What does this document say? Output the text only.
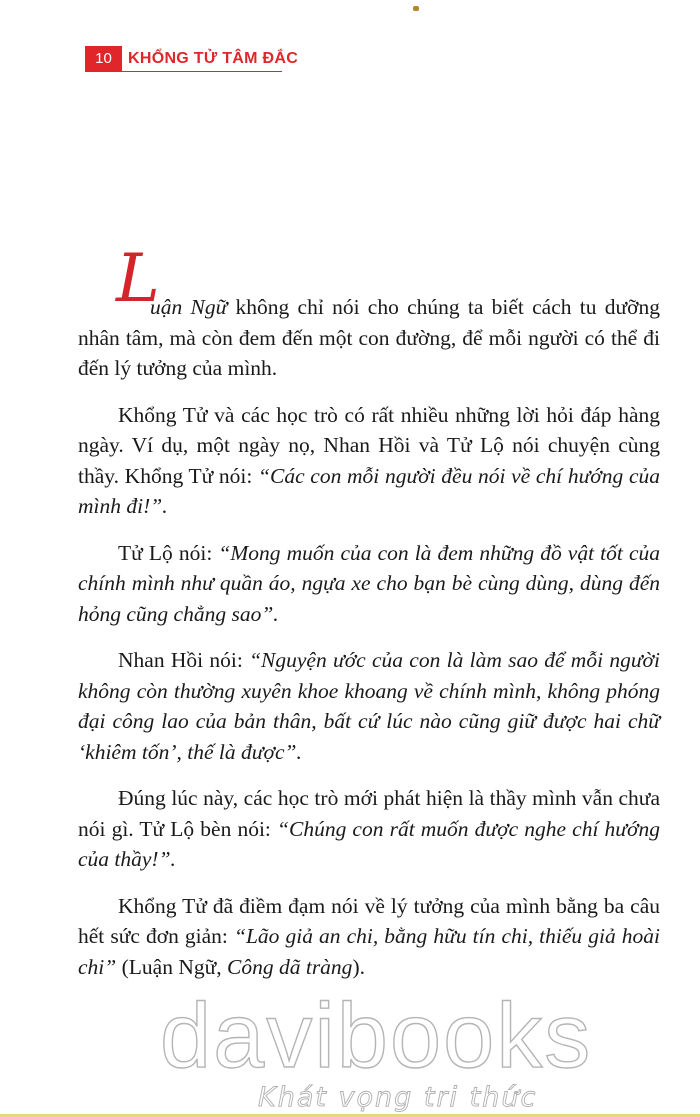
10	KHỔNG TỬ TÂM ĐẮC

L
uận Ngữ không chỉ nói cho chúng ta biết cách tu dưỡng nhân tâm, mà còn đem đến một con đường, để mỗi người có thể đi đến lý tưởng của mình.

Khổng Tử và các học trò có rất nhiều những lời hỏi đáp hàng ngày. Ví dụ, một ngày nọ, Nhan Hồi và Tử Lộ nói chuyện cùng thầy. Khổng Tử nói: “Các con mỗi người đều nói về chí hướng của mình đi!”.

Tử Lộ nói: “Mong muốn của con là đem những đồ vật tốt của chính mình như quần áo, ngựa xe cho bạn bè cùng dùng, dùng đến hỏng cũng chẳng sao”.

Nhan Hồi nói: “Nguyện ước của con là làm sao để mỗi người không còn thường xuyên khoe khoang về chính mình, không phóng đại công lao của bản thân, bất cứ lúc nào cũng giữ được hai chữ ‘khiêm tốn’, thế là được”.

Đúng lúc này, các học trò mới phát hiện là thầy mình vẫn chưa nói gì. Tử Lộ bèn nói: “Chúng con rất muốn được nghe chí hướng của thầy!”.

Khổng Tử đã điềm đạm nói về lý tưởng của mình bằng ba câu hết sức đơn giản: “Lão giả an chi, bằng hữu tín chi, thiếu giả hoài chi” (Luận Ngữ, Công dã tràng).

davibooks
Khát vọng tri thức
